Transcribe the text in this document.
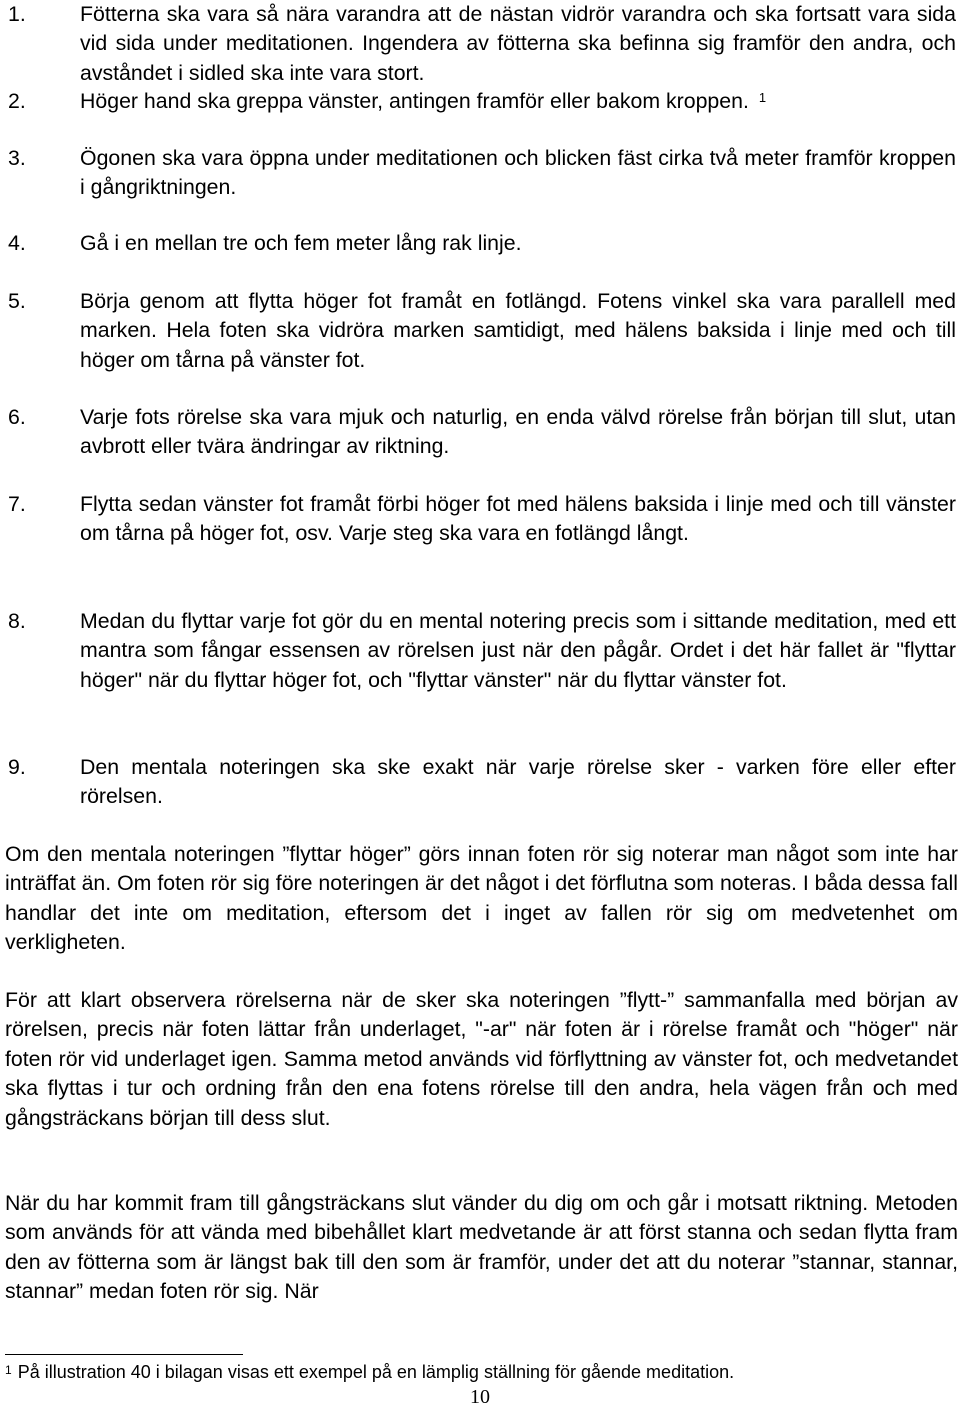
1.	Fötterna ska vara så nära varandra att de nästan vidrör varandra och ska fortsatt vara sida vid sida under meditationen. Ingendera av fötterna ska befinna sig framför den andra, och avståndet i sidled ska inte vara stort.
2.	Höger hand ska greppa vänster, antingen framför eller bakom kroppen. $^1$
3.	Ögonen ska vara öppna under meditationen och blicken fäst cirka två meter framför kroppen i gångriktningen.
4.	Gå i en mellan tre och fem meter lång rak linje.
5.	Börja genom att flytta höger fot framåt en fotlängd. Fotens vinkel ska vara parallell med marken. Hela foten ska vidröra marken samtidigt, med hälens baksida i linje med och till höger om tårna på vänster fot.
6.	Varje fots rörelse ska vara mjuk och naturlig, en enda välvd rörelse från början till slut, utan avbrott eller tvära ändringar av riktning.
7.	Flytta sedan vänster fot framåt förbi höger fot med hälens baksida i linje med och till vänster om tårna på höger fot, osv. Varje steg ska vara en fotlängd långt.
8.	Medan du flyttar varje fot gör du en mental notering precis som i sittande meditation, med ett mantra som fångar essensen av rörelsen just när den pågår. Ordet i det här fallet är "flyttar höger" när du flyttar höger fot, och "flyttar vänster" när du flyttar vänster fot.
9.	Den mentala noteringen ska ske exakt när varje rörelse sker - varken före eller efter rörelsen.
Om den mentala noteringen ”flyttar höger” görs innan foten rör sig noterar man något som inte har inträffat än. Om foten rör sig före noteringen är det något i det förflutna som noteras. I båda dessa fall handlar det inte om meditation, eftersom det i inget av fallen rör sig om medvetenhet om verkligheten.
För att klart observera rörelserna när de sker ska noteringen ”flytt-” sammanfalla med början av rörelsen, precis när foten lättar från underlaget, "-ar" när foten är i rörelse framåt och "höger" när foten rör vid underlaget igen. Samma metod används vid förflyttning av vänster fot, och medvetandet ska flyttas i tur och ordning från den ena fotens rörelse till den andra, hela vägen från och med gångsträckans början till dess slut.
När du har kommit fram till gångsträckans slut vänder du dig om och går i motsatt riktning. Metoden som används för att vända med bibehållet klart medvetande är att först stanna och sedan flytta fram den av fötterna som är längst bak till den som är framför, under det att du noterar ”stannar, stannar, stannar” medan foten rör sig. När
$^1$ På illustration 40 i bilagan visas ett exempel på en lämplig ställning för gående meditation.
10
